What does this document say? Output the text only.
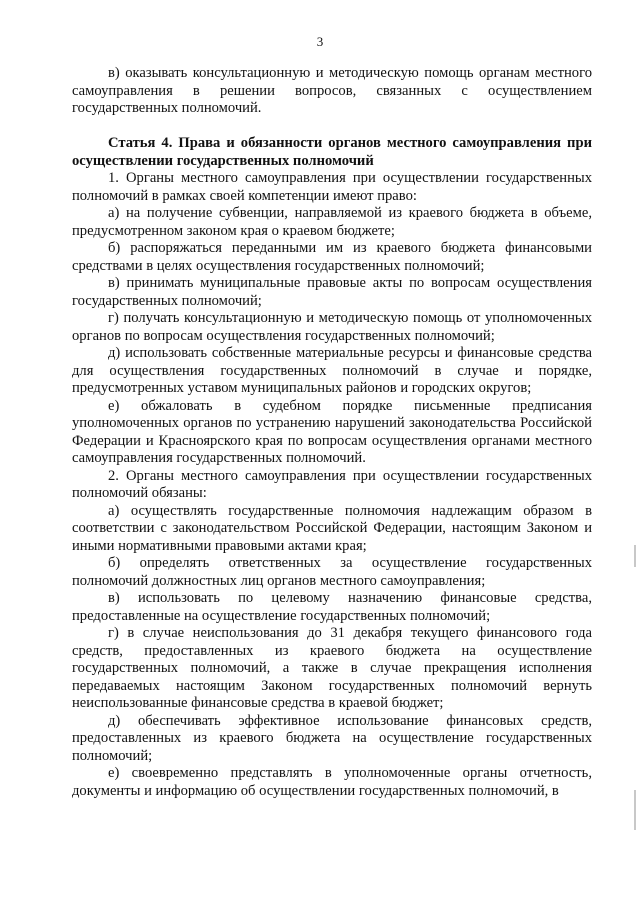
3

в) оказывать консультационную и методическую помощь органам местного самоуправления в решении вопросов, связанных с осуществлением государственных полномочий.

Статья 4. Права и обязанности органов местного самоуправления при осуществлении государственных полномочий

1. Органы местного самоуправления при осуществлении государственных полномочий в рамках своей компетенции имеют право:

а) на получение субвенции, направляемой из краевого бюджета в объеме, предусмотренном законом края о краевом бюджете;

б) распоряжаться переданными им из краевого бюджета финансовыми средствами в целях осуществления государственных полномочий;

в) принимать муниципальные правовые акты по вопросам осуществления государственных полномочий;

г) получать консультационную и методическую помощь от уполномоченных органов по вопросам осуществления государственных полномочий;

д) использовать собственные материальные ресурсы и финансовые средства для осуществления государственных полномочий в случае и порядке, предусмотренных уставом муниципальных районов и городских округов;

е) обжаловать в судебном порядке письменные предписания уполномоченных органов по устранению нарушений законодательства Российской Федерации и Красноярского края по вопросам осуществления органами местного самоуправления государственных полномочий.

2. Органы местного самоуправления при осуществлении государственных полномочий обязаны:

а) осуществлять государственные полномочия надлежащим образом в соответствии с законодательством Российской Федерации, настоящим Законом и иными нормативными правовыми актами края;

б) определять ответственных за осуществление государственных полномочий должностных лиц органов местного самоуправления;

в) использовать по целевому назначению финансовые средства, предоставленные на осуществление государственных полномочий;

г) в случае неиспользования до 31 декабря текущего финансового года средств, предоставленных из краевого бюджета на осуществление государственных полномочий, а также в случае прекращения исполнения передаваемых настоящим Законом государственных полномочий вернуть неиспользованные финансовые средства в краевой бюджет;

д) обеспечивать эффективное использование финансовых средств, предоставленных из краевого бюджета на осуществление государственных полномочий;

е) своевременно представлять в уполномоченные органы отчетность, документы и информацию об осуществлении государственных полномочий, в
